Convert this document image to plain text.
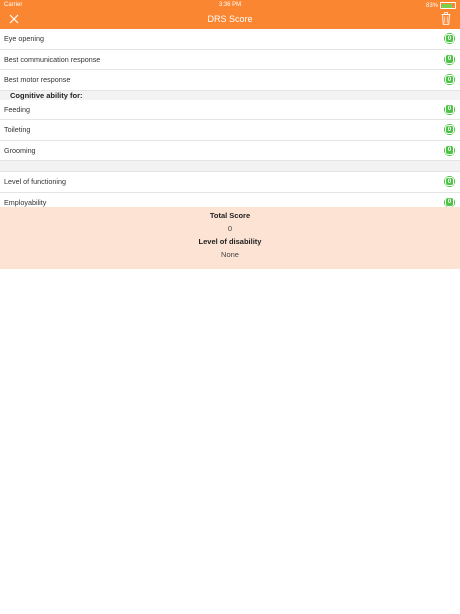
Carrier	3:36 PM	83%
DRS Score
Eye opening	0
Best communication response	0
Best motor response	0
Cognitive ability for:
Feeding	0
Toileting	0
Grooming	0
Level of functioning	0
Employability	0
Total Score
0
Level of disability
None
